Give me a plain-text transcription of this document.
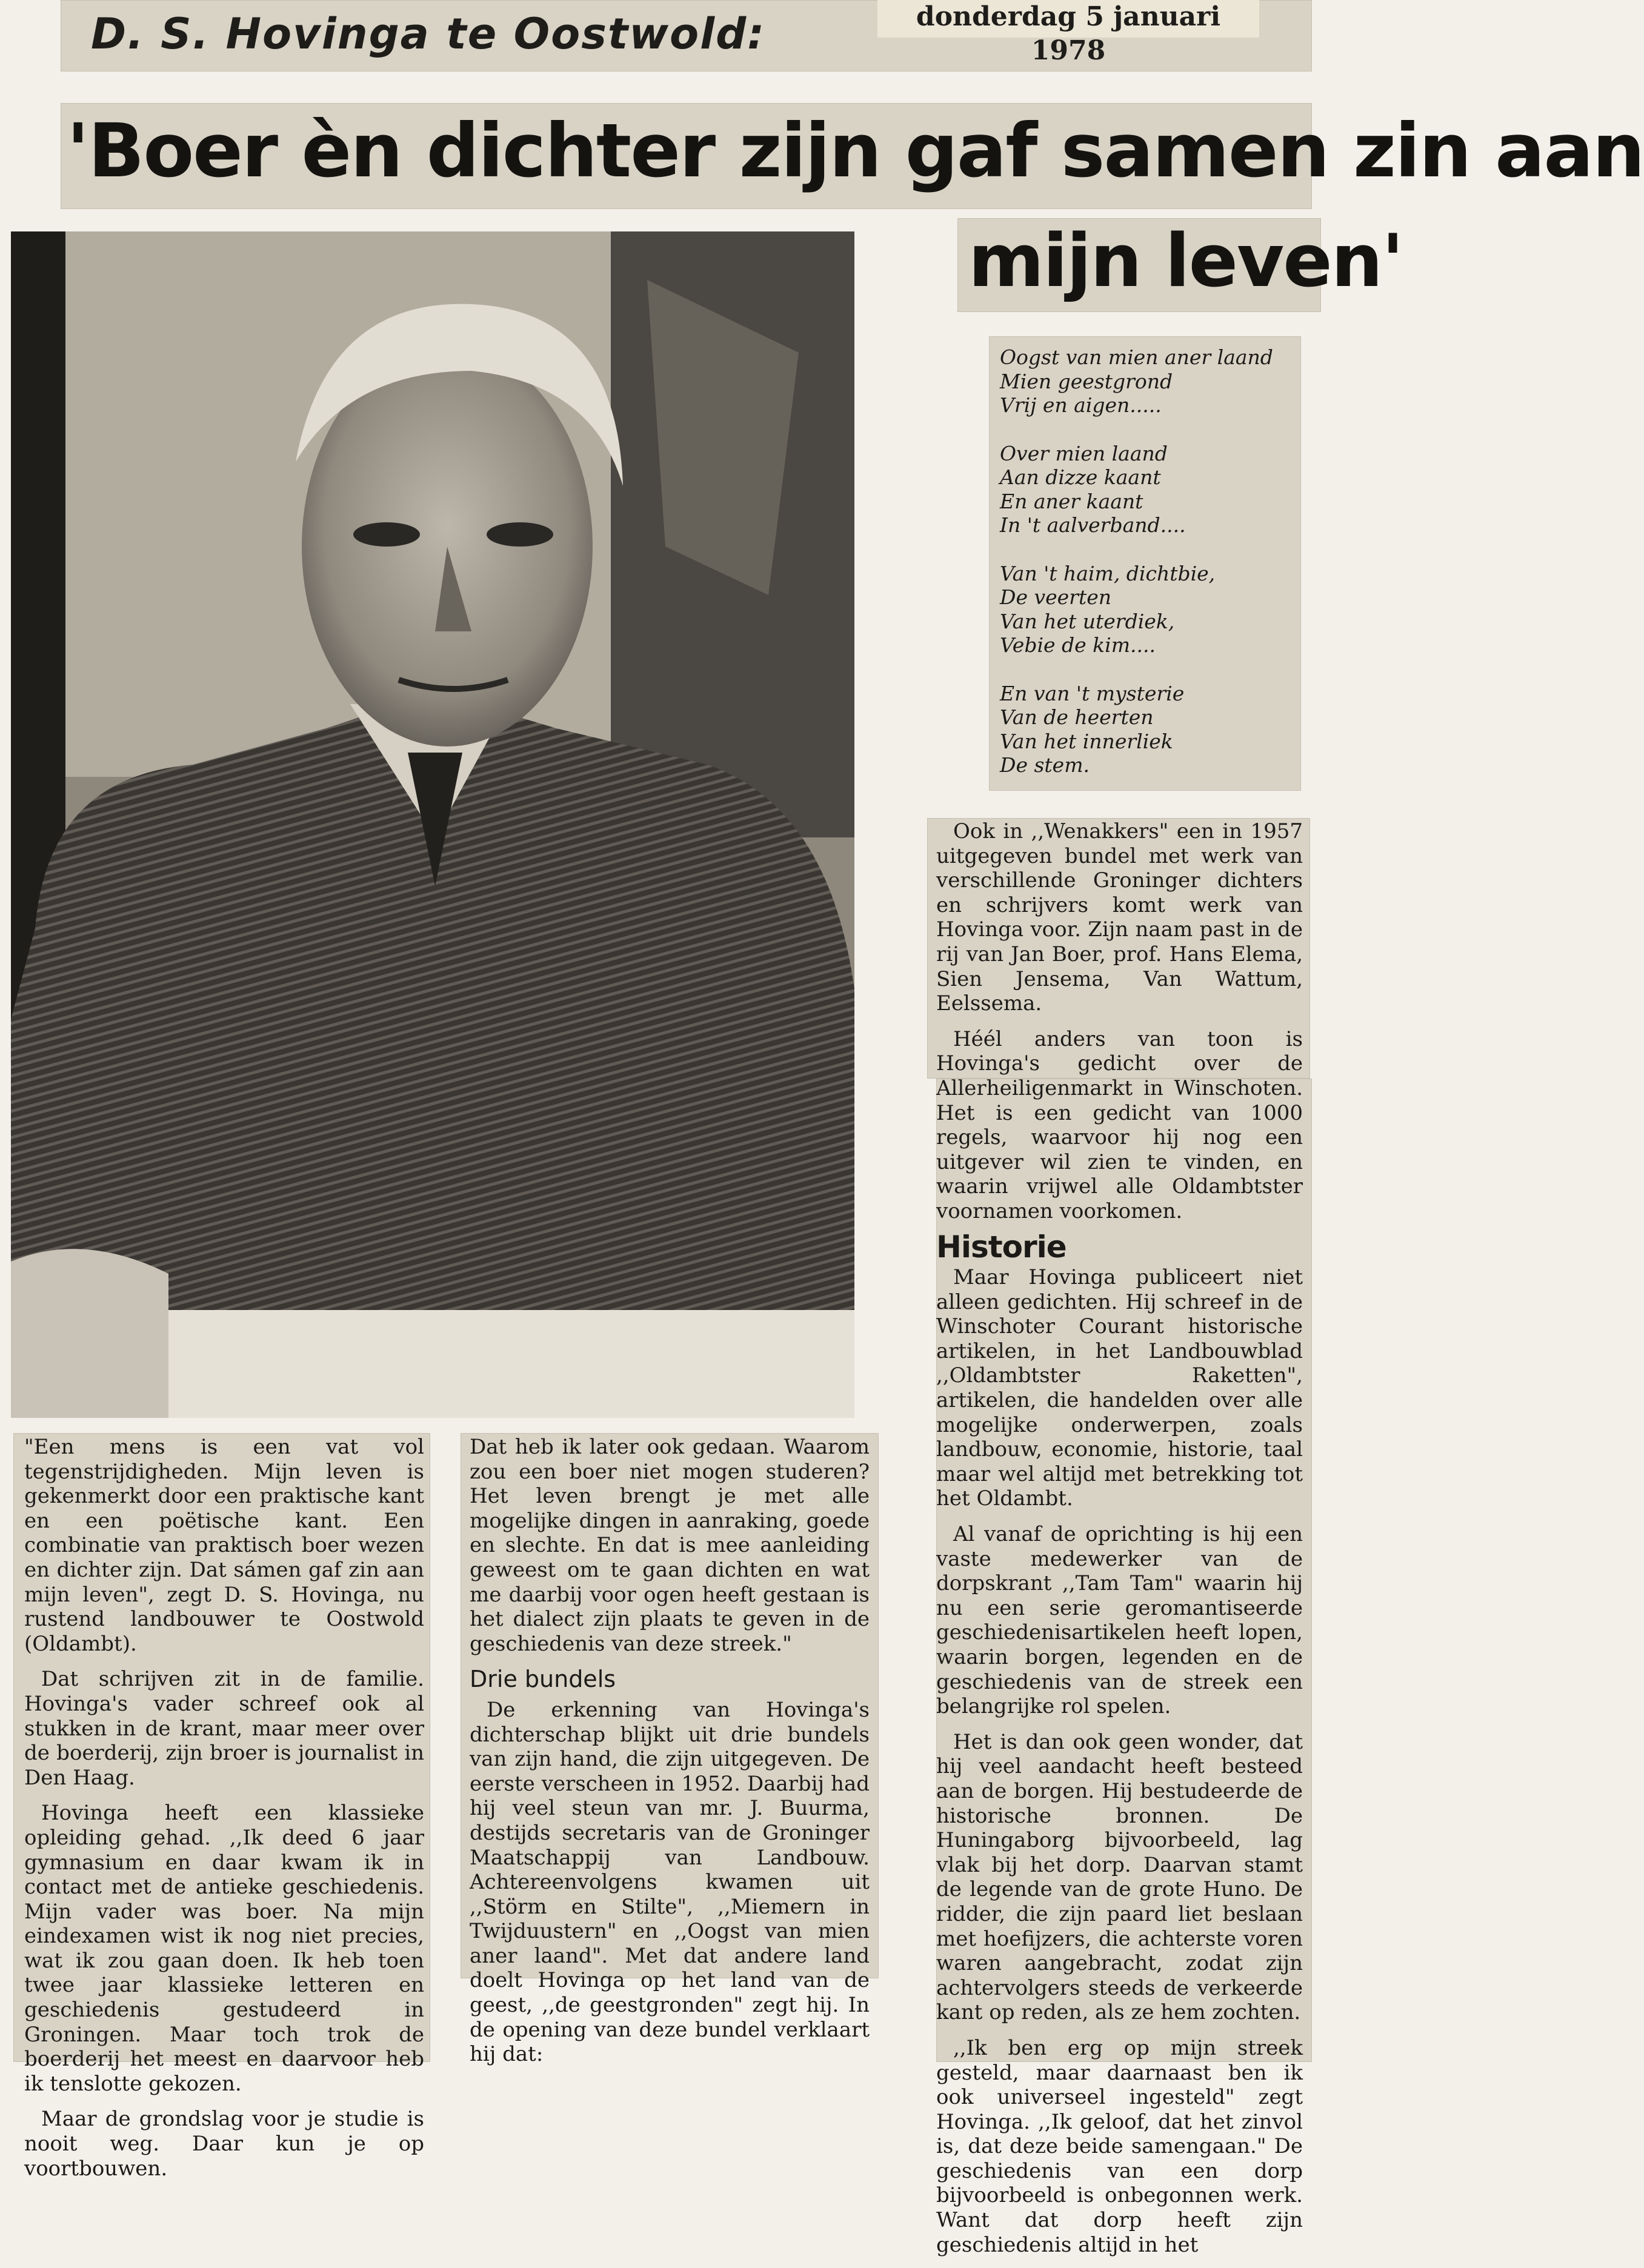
D. S. Hovinga te Oostwold:	donderdag 5 januari 1978
'Boer èn dichter zijn gaf samen zin aan
mijn leven'
Oogst van mien aner laand
Mien geestgrond
Vrij en aigen.....
Over mien laand
Aan dizze kaant
En aner kaant
In 't aalverband....
Van 't haim, dichtbie,
De veerten
Van het uterdiek,
Vebie de kim....
En van 't mysterie
Van de heerten
Van het innerliek
De stem.

Ook in ,,Wenakkers" een in 1957 uitgegeven bundel met werk van verschillende Groninger dichters en schrijvers komt werk van Hovinga voor. Zijn naam past in de rij van Jan Boer, prof. Hans Elema, Sien Jensema, Van Wattum, Eelssema.

Héél anders van toon is Hovinga's gedicht over de Allerheiligenmarkt in Winschoten. Het is een gedicht van 1000 regels, waarvoor hij nog een uitgever wil zien te vinden, en waarin vrijwel alle Oldambtster voornamen voorkomen.

Historie

Maar Hovinga publiceert niet alleen gedichten. Hij schreef in de Winschoter Courant historische artikelen, in het Landbouwblad ,,Oldambtster Raketten", artikelen, die handelden over alle mogelijke onderwerpen, zoals landbouw, economie, historie, taal maar wel altijd met betrekking tot het Oldambt.

Al vanaf de oprichting is hij een vaste medewerker van de dorpskrant ,,Tam Tam" waarin hij nu een serie geromantiseerde geschiedenisartikelen heeft lopen, waarin borgen, legenden en de geschiedenis van de streek een belangrijke rol spelen.

Het is dan ook geen wonder, dat hij veel aandacht heeft besteed aan de borgen. Hij bestudeerde de historische bronnen. De Huningaborg bijvoorbeeld, lag vlak bij het dorp. Daarvan stamt de legende van de grote Huno. De ridder, die zijn paard liet beslaan met hoefijzers, die achterste voren waren aangebracht, zodat zijn achtervolgers steeds de verkeerde kant op reden, als ze hem zochten.

,,Ik ben erg op mijn streek gesteld, maar daarnaast ben ik ook universeel ingesteld" zegt Hovinga. ,,Ik geloof, dat het zinvol is, dat deze beide samengaan." De geschiedenis van een dorp bijvoorbeeld is onbegonnen werk. Want dat dorp heeft zijn geschiedenis altijd in het

"Een mens is een vat vol tegenstrijdigheden. Mijn leven is gekenmerkt door een praktische kant en een poëtische kant. Een combinatie van praktisch boer wezen en dichter zijn. Dat sámen gaf zin aan mijn leven", zegt D. S. Hovinga, nu rustend landbouwer te Oostwold (Oldambt).

Dat schrijven zit in de familie. Hovinga's vader schreef ook al stukken in de krant, maar meer over de boerderij, zijn broer is journalist in Den Haag.

Hovinga heeft een klassieke opleiding gehad. ,,Ik deed 6 jaar gymnasium en daar kwam ik in contact met de antieke geschiedenis. Mijn vader was boer. Na mijn eindexamen wist ik nog niet precies, wat ik zou gaan doen. Ik heb toen twee jaar klassieke letteren en geschiedenis gestudeerd in Groningen. Maar toch trok de boerderij het meest en daarvoor heb ik tenslotte gekozen.

Maar de grondslag voor je studie is nooit weg. Daar kun je op voortbouwen.

Dat heb ik later ook gedaan. Waarom zou een boer niet mogen studeren? Het leven brengt je met alle mogelijke dingen in aanraking, goede en slechte. En dat is mee aanleiding geweest om te gaan dichten en wat me daarbij voor ogen heeft gestaan is het dialect zijn plaats te geven in de geschiedenis van deze streek."

Drie bundels

De erkenning van Hovinga's dichterschap blijkt uit drie bundels van zijn hand, die zijn uitgegeven. De eerste verscheen in 1952. Daarbij had hij veel steun van mr. J. Buurma, destijds secretaris van de Groninger Maatschappij van Landbouw. Achtereenvolgens kwamen uit ,,Störm en Stilte", ,,Miemern in Twijduustern" en ,,Oogst van mien aner laand". Met dat andere land doelt Hovinga op het land van de geest, ,,de geestgronden" zegt hij. In de opening van deze bundel verklaart hij dat:
